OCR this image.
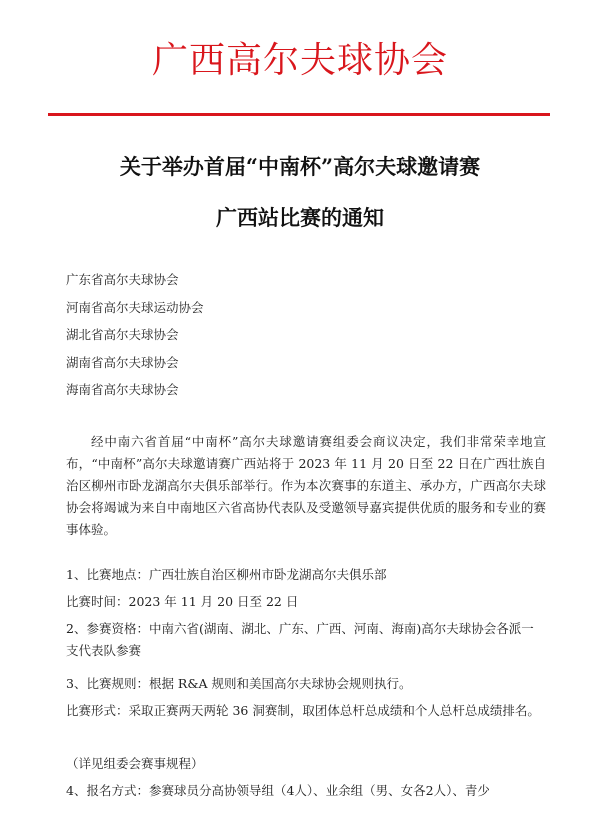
广西高尔夫球协会
关于举办首届“中南杯”高尔夫球邀请赛
广西站比赛的通知
广东省高尔夫球协会
河南省高尔夫球运动协会
湖北省高尔夫球协会
湖南省高尔夫球协会
海南省高尔夫球协会
经中南六省首届“中南杯”高尔夫球邀请赛组委会商议决定，我们非常荣幸地宣布，“中南杯”高尔夫球邀请赛广西站将于 2023 年 11 月 20 日至 22 日在广西壮族自治区柳州市卧龙湖高尔夫俱乐部举行。作为本次赛事的东道主、承办方，广西高尔夫球协会将竭诚为来自中南地区六省高协代表队及受邀领导嘉宾提供优质的服务和专业的赛事体验。
1、比赛地点：广西壮族自治区柳州市卧龙湖高尔夫俱乐部
比赛时间：2023 年 11 月 20 日至 22 日
2、参赛资格：中南六省(湖南、湖北、广东、广西、河南、海南)高尔夫球协会各派一支代表队参赛
3、比赛规则：根据 R&A 规则和美国高尔夫球协会规则执行。
比赛形式：采取正赛两天两轮 36 洞赛制，取团体总杆总成绩和个人总杆总成绩排名。
（详见组委会赛事规程）
4、报名方式：参赛球员分高协领导组（4人）、业余组（男、女各2人）、青少
